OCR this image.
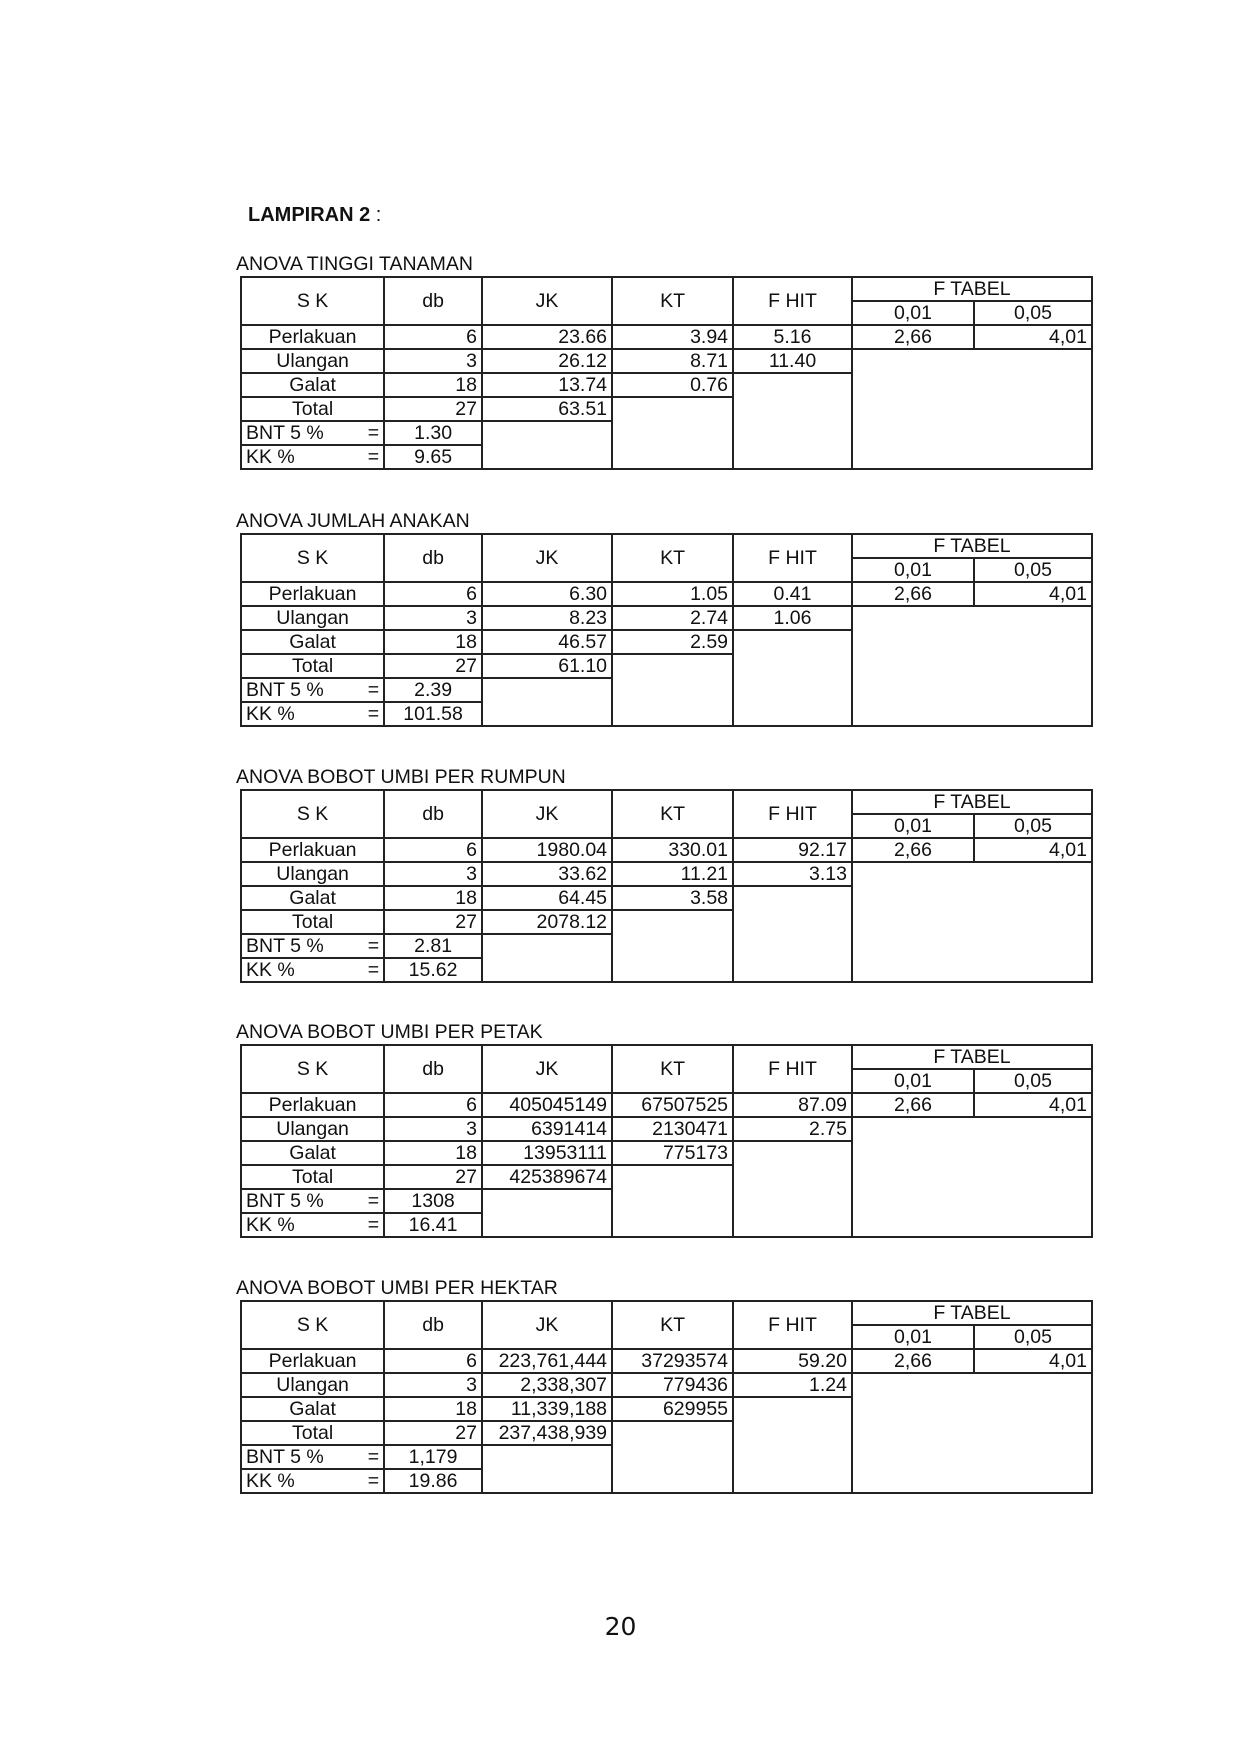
LAMPIRAN 2 :
ANOVA TINGGI TANAMAN
S K	db	JK	KT	F HIT	F TABEL	
					0,01	0,05
Perlakuan	6	23.66	3.94	5.16	2,66	4,01
Ulangan	3	26.12	8.71	11.40		
Galat	18	13.74	0.76			
Total	27	63.51				
BNT 5 % =	1.30					
KK % =	9.65					
ANOVA JUMLAH ANAKAN
S K	db	JK	KT	F HIT	F TABEL	
					0,01	0,05
Perlakuan	6	6.30	1.05	0.41	2,66	4,01
Ulangan	3	8.23	2.74	1.06		
Galat	18	46.57	2.59			
Total	27	61.10				
BNT 5 % =	2.39					
KK % =	101.58					
ANOVA BOBOT UMBI PER RUMPUN
S K	db	JK	KT	F HIT	F TABEL	
					0,01	0,05
Perlakuan	6	1980.04	330.01	92.17	2,66	4,01
Ulangan	3	33.62	11.21	3.13		
Galat	18	64.45	3.58			
Total	27	2078.12				
BNT 5 % =	2.81					
KK % =	15.62					
ANOVA BOBOT UMBI PER PETAK
S K	db	JK	KT	F HIT	F TABEL	
					0,01	0,05
Perlakuan	6	405045149	67507525	87.09	2,66	4,01
Ulangan	3	6391414	2130471	2.75		
Galat	18	13953111	775173			
Total	27	425389674				
BNT 5 % =	1308					
KK % =	16.41					
ANOVA BOBOT UMBI PER HEKTAR
S K	db	JK	KT	F HIT	F TABEL	
					0,01	0,05
Perlakuan	6	223,761,444	37293574	59.20	2,66	4,01
Ulangan	3	2,338,307	779436	1.24		
Galat	18	11,339,188	629955			
Total	27	237,438,939				
BNT 5 % =	1,179					
KK % =	19.86					
20
